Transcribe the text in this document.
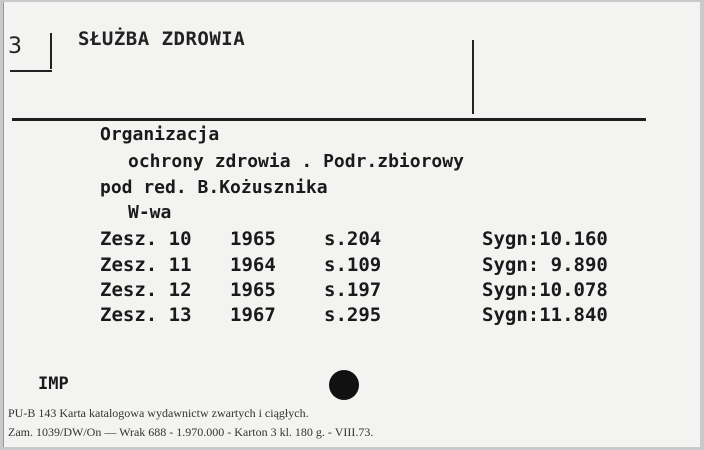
3	SŁUŻBA ZDROWIA
Organizacja
ochrony zdrowia . Podr.zbiorowy
pod red. B.Kożusznika
W-wa
Zesz. 10 1965	s.204	Sygn:10.160
Zesz. 11 1964	s.109	Sygn: 9.890
Zesz. 12 1965	s.197	Sygn:10.078
Zesz. 13 1967	s.295	Sygn:11.840
IMP
PU-B 143 Karta katalogowa wydawnictw zwartych i ciągłych.
Zam. 1039/DW/On — Wrak 688 - 1.970.000 - Karton 3 kl. 180 g. - VIII.73.
